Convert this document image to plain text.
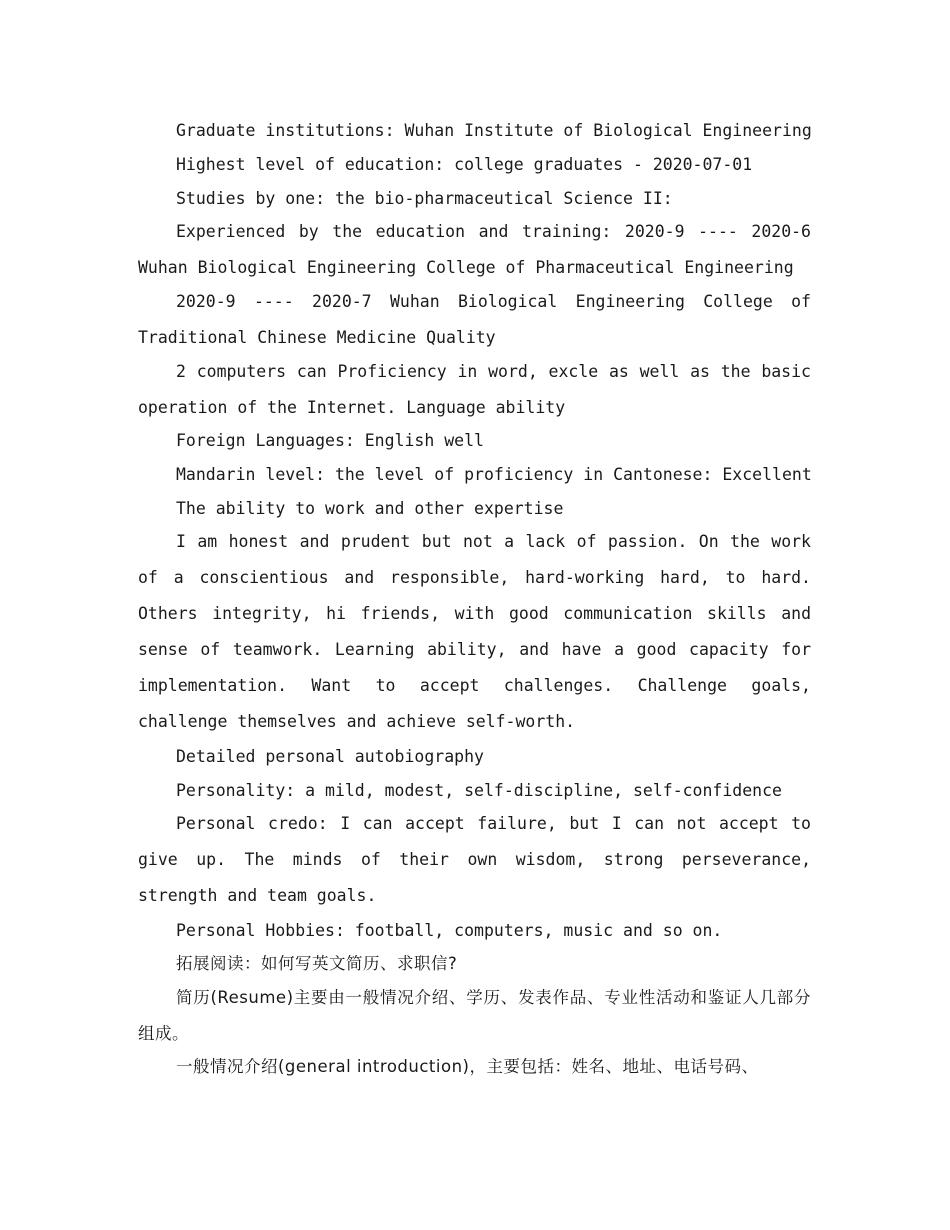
Graduate institutions: Wuhan Institute of Biological Engineering

Highest level of education: college graduates - 2020-07-01

Studies by one: the bio-pharmaceutical Science II:

Experienced by the education and training: 2020-9 ---- 2020-6 Wuhan Biological Engineering College of Pharmaceutical Engineering

2020-9 ---- 2020-7 Wuhan Biological Engineering College of Traditional Chinese Medicine Quality

2 computers can Proficiency in word, excle as well as the basic operation of the Internet. Language ability

Foreign Languages: English well

Mandarin level: the level of proficiency in Cantonese: Excellent

The ability to work and other expertise

I am honest and prudent but not a lack of passion. On the work of a conscientious and responsible, hard-working hard, to hard. Others integrity, hi friends, with good communication skills and sense of teamwork. Learning ability, and have a good capacity for implementation. Want to accept challenges. Challenge goals, challenge themselves and achieve self-worth.

Detailed personal autobiography

Personality: a mild, modest, self-discipline, self-confidence

Personal credo: I can accept failure, but I can not accept to give up. The minds of their own wisdom, strong perseverance, strength and team goals.

Personal Hobbies: football, computers, music and so on.

拓展阅读：如何写英文简历、求职信?

简历(Resume)主要由一般情况介绍、学历、发表作品、专业性活动和鉴证人几部分组成。

一般情况介绍(general introduction)，主要包括：姓名、地址、电话号码、
